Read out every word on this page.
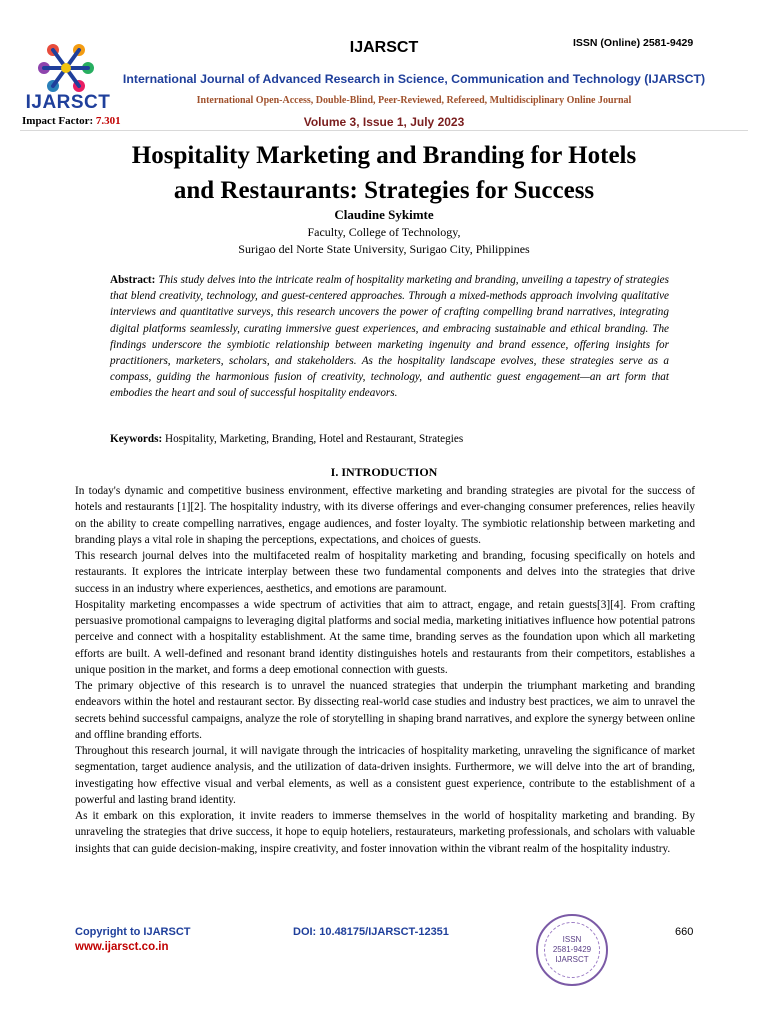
IJARSCT
Impact Factor: 7.301
IJARSCT	ISSN (Online) 2581-9429
International Journal of Advanced Research in Science, Communication and Technology (IJARSCT)
International Open-Access, Double-Blind, Peer-Reviewed, Refereed, Multidisciplinary Online Journal
Volume 3, Issue 1, July 2023
Hospitality Marketing and Branding for Hotels
and Restaurants: Strategies for Success
Claudine Sykimte
Faculty, College of Technology,
Surigao del Norte State University, Surigao City, Philippines
Abstract: This study delves into the intricate realm of hospitality marketing and branding, unveiling a tapestry of strategies that blend creativity, technology, and guest-centered approaches. Through a mixed-methods approach involving qualitative interviews and quantitative surveys, this research uncovers the power of crafting compelling brand narratives, integrating digital platforms seamlessly, curating immersive guest experiences, and embracing sustainable and ethical branding. The findings underscore the symbiotic relationship between marketing ingenuity and brand essence, offering insights for practitioners, marketers, scholars, and stakeholders. As the hospitality landscape evolves, these strategies serve as a compass, guiding the harmonious fusion of creativity, technology, and authentic guest engagement—an art form that embodies the heart and soul of successful hospitality endeavors.
Keywords: Hospitality, Marketing, Branding, Hotel and Restaurant, Strategies
I. INTRODUCTION

In today's dynamic and competitive business environment, effective marketing and branding strategies are pivotal for the success of hotels and restaurants [1][2]. The hospitality industry, with its diverse offerings and ever-changing consumer preferences, relies heavily on the ability to create compelling narratives, engage audiences, and foster loyalty. The symbiotic relationship between marketing and branding plays a vital role in shaping the perceptions, expectations, and choices of guests.

This research journal delves into the multifaceted realm of hospitality marketing and branding, focusing specifically on hotels and restaurants. It explores the intricate interplay between these two fundamental components and delves into the strategies that drive success in an industry where experiences, aesthetics, and emotions are paramount.

Hospitality marketing encompasses a wide spectrum of activities that aim to attract, engage, and retain guests[3][4]. From crafting persuasive promotional campaigns to leveraging digital platforms and social media, marketing initiatives influence how potential patrons perceive and connect with a hospitality establishment. At the same time, branding serves as the foundation upon which all marketing efforts are built. A well-defined and resonant brand identity distinguishes hotels and restaurants from their competitors, establishes a unique position in the market, and forms a deep emotional connection with guests.

The primary objective of this research is to unravel the nuanced strategies that underpin the triumphant marketing and branding endeavors within the hotel and restaurant sector. By dissecting real-world case studies and industry best practices, we aim to unravel the secrets behind successful campaigns, analyze the role of storytelling in shaping brand narratives, and explore the synergy between online and offline branding efforts.

Throughout this research journal, it will navigate through the intricacies of hospitality marketing, unraveling the significance of market segmentation, target audience analysis, and the utilization of data-driven insights. Furthermore, we will delve into the art of branding, investigating how effective visual and verbal elements, as well as a consistent guest experience, contribute to the establishment of a powerful and lasting brand identity.

As it embark on this exploration, it invite readers to immerse themselves in the world of hospitality marketing and branding. By unraveling the strategies that drive success, it hope to equip hoteliers, restaurateurs, marketing professionals, and scholars with valuable insights that can guide decision-making, inspire creativity, and foster innovation within the vibrant realm of the hospitality industry.

Copyright to IJARSCT
www.ijarsct.co.in
DOI: 10.48175/IJARSCT-12351
ISSN
2581-9429
IJARSCT
660
